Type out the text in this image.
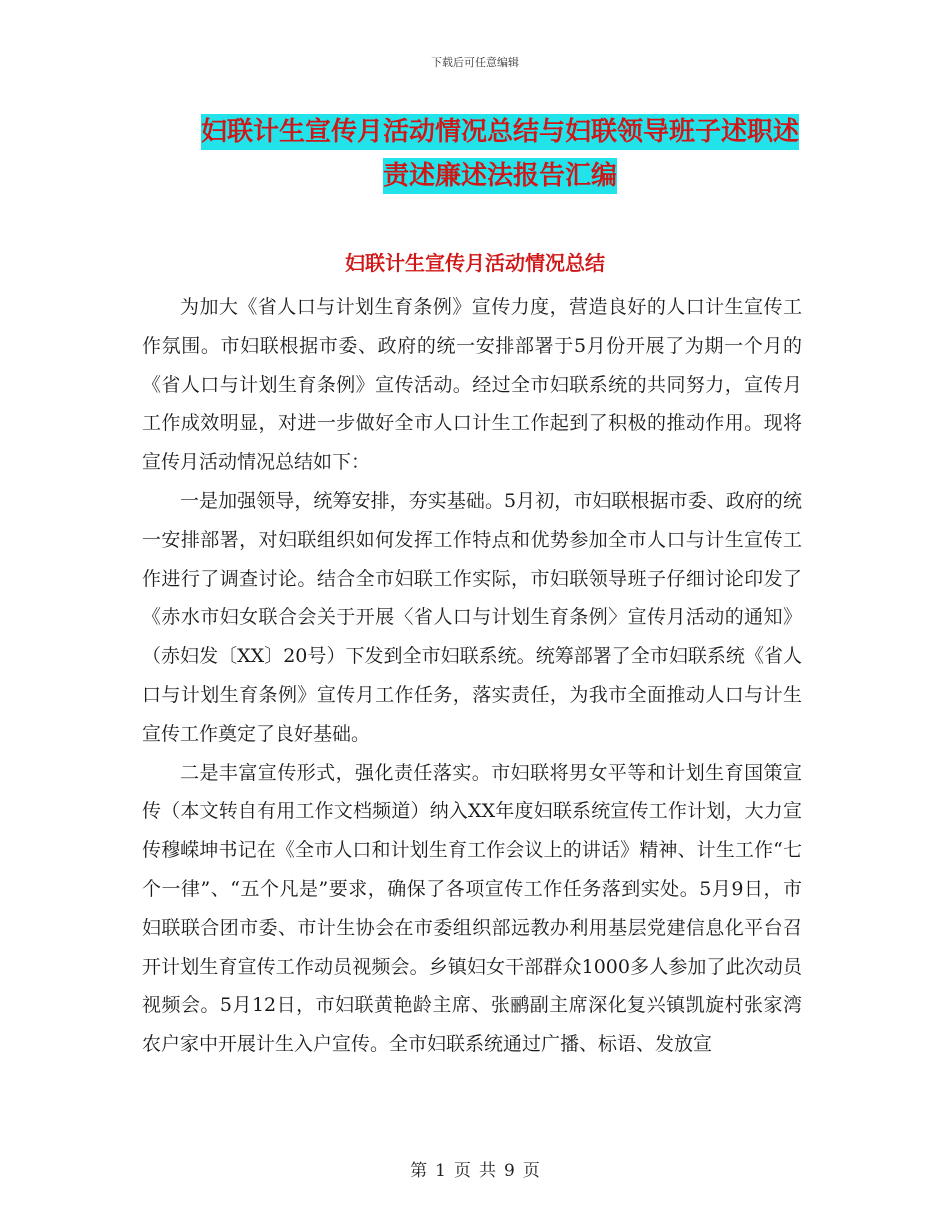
下载后可任意编辑
妇联计生宣传月活动情况总结与妇联领导班子述职述
责述廉述法报告汇编
妇联计生宣传月活动情况总结

为加大《省人口与计划生育条例》宣传力度，营造良好的人口计生宣传工作氛围。市妇联根据市委、政府的统一安排部署于5月份开展了为期一个月的《省人口与计划生育条例》宣传活动。经过全市妇联系统的共同努力，宣传月工作成效明显，对进一步做好全市人口计生工作起到了积极的推动作用。现将宣传月活动情况总结如下：

一是加强领导，统筹安排，夯实基础。5月初，市妇联根据市委、政府的统一安排部署，对妇联组织如何发挥工作特点和优势参加全市人口与计生宣传工作进行了调查讨论。结合全市妇联工作实际，市妇联领导班子仔细讨论印发了《赤水市妇女联合会关于开展〈省人口与计划生育条例〉宣传月活动的通知》（赤妇发〔XX〕20号）下发到全市妇联系统。统筹部署了全市妇联系统《省人口与计划生育条例》宣传月工作任务，落实责任，为我市全面推动人口与计生宣传工作奠定了良好基础。

二是丰富宣传形式，强化责任落实。市妇联将男女平等和计划生育国策宣传（本文转自有用工作文档频道）纳入XX年度妇联系统宣传工作计划，大力宣传穆嵘坤书记在《全市人口和计划生育工作会议上的讲话》精神、计生工作“七个一律”、“五个凡是”要求，确保了各项宣传工作任务落到实处。5月9日，市妇联联合团市委、市计生协会在市委组织部远教办利用基层党建信息化平台召开计划生育宣传工作动员视频会。乡镇妇女干部群众1000多人参加了此次动员视频会。5月12日，市妇联黄艳龄主席、张鹂副主席深化复兴镇凯旋村张家湾农户家中开展计生入户宣传。全市妇联系统通过广播、标语、发放宣

第 1 页 共 9 页
